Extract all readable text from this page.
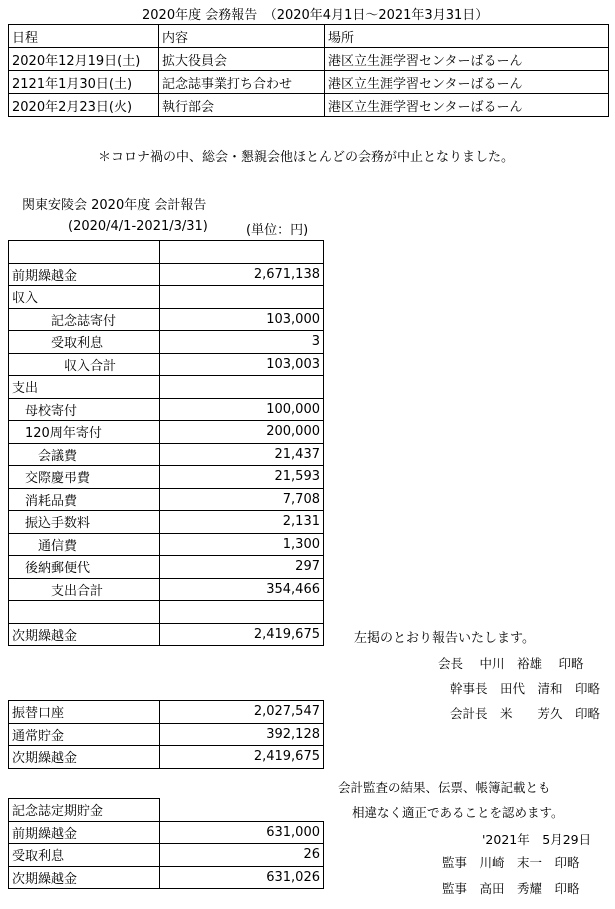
2020年度 会務報告　（2020年4月1日～2021年3月31日）
日程	内容	場所
2020年12月19日(土)	拡大役員会	港区立生涯学習センターばるーん
2121年1月30日(土)	記念誌事業打ち合わせ	港区立生涯学習センターばるーん
2020年2月23日(火)	執行部会	港区立生涯学習センターばるーん
＊コロナ禍の中、総会・懇親会他ほとんどの会務が中止となりました。
関東安陵会 2020年度 会計報告
(2020/4/1-2021/3/31)	(単位：円)

前期繰越金	2,671,138
収入	
記念誌寄付	103,000
受取利息	3
収入合計	103,003
支出	
母校寄付	100,000
120周年寄付	200,000
会議費	21,437
交際慶弔費	21,593
消耗品費	7,708
振込手数料	2,131
通信費	1,300
後納郵便代	297
支出合計	354,466

次期繰越金	2,419,675
振替口座	2,027,547
通常貯金	392,128
次期繰越金	2,419,675
記念誌定期貯金	
前期繰越金	631,000
受取利息	26
次期繰越金	631,026
左掲のとおり報告いたします。
会長　 中川　裕雄　 印略
幹事長　田代　清和　印略
会計長　米　　芳久　印略
会計監査の結果、伝票、帳簿記載とも
相違なく適正であることを認めます。
'2021年　5月29日
監事　川崎　末一　印略
監事　高田　秀耀　印略
